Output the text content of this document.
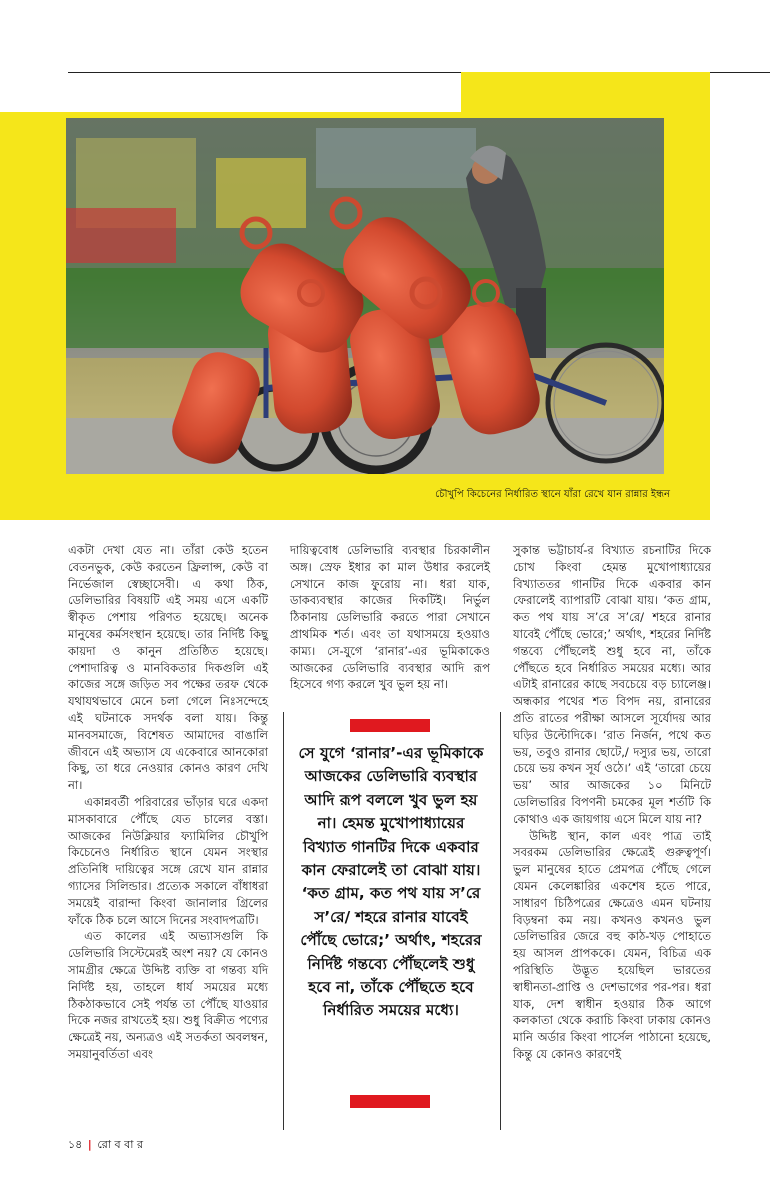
চৌখুপি কিচেনের নির্ধারিত স্থানে যাঁরা রেখে যান রান্নার ইন্ধন

একটা দেখা যেত না। তাঁরা কেউ হতেন বেতনভুক, কেউ করতেন ফ্রিলান্স, কেউ বা নির্ভেজাল স্বেচ্ছাসেবী। এ কথা ঠিক, ডেলিভারির বিষয়টি এই সময় এসে একটি স্বীকৃত পেশায় পরিণত হয়েছে। অনেক মানুষের কর্মসংস্থান হয়েছে। তার নির্দিষ্ট কিছু কায়দা ও কানুন প্রতিষ্ঠিত হয়েছে। পেশাদারিত্ব ও মানবিকতার দিকগুলি এই কাজের সঙ্গে জড়িত সব পক্ষের তরফ থেকে যথাযথভাবে মেনে চলা গেলে নিঃসন্দেহে এই ঘটনাকে সদর্থক বলা যায়। কিন্তু মানবসমাজে, বিশেষত আমাদের বাঙালি জীবনে এই অভ্যাস যে একেবারে আনকোরা কিছু, তা ধরে নেওয়ার কোনও কারণ দেখি না।

একান্নবর্তী পরিবারের ভাঁড়ার ঘরে একদা মাসকাবারে পৌঁছে যেত চালের বস্তা। আজকের নিউক্লিয়ার ফ্যামিলির চৌখুপি কিচেনেও নির্ধারিত স্থানে যেমন সংস্থার প্রতিনিধি দায়িত্বের সঙ্গে রেখে যান রান্নার গ্যাসের সিলিন্ডার। প্রত্যেক সকালে বাঁধাধরা সময়েই বারান্দা কিংবা জানালার গ্রিলের ফাঁকে ঠিক চলে আসে দিনের সংবাদপত্রটি।

এত কালের এই অভ্যাসগুলি কি ডেলিভারি সিস্টেমেরই অংশ নয়? যে কোনও সামগ্রীর ক্ষেত্রে উদ্দিষ্ট ব্যক্তি বা গন্তব্য যদি নির্দিষ্ট হয়, তাহলে ধার্য সময়ের মধ্যে ঠিকঠাকভাবে সেই পর্যন্ত তা পৌঁছে যাওয়ার দিকে নজর রাখতেই হয়। শুধু বিক্রীত পণ্যের ক্ষেত্রেই নয়, অন্যত্রও এই সতর্কতা অবলম্বন, সময়ানুবর্তিতা এবং

দায়িত্ববোধ ডেলিভারি ব্যবস্থার চিরকালীন অঙ্গ। স্রেফ ইধার কা মাল উধার করলেই সেখানে কাজ ফুরোয় না। ধরা যাক, ডাকব্যবস্থার কাজের দিকটিই। নির্ভুল ঠিকানায় ডেলিভারি করতে পারা সেখানে প্রাথমিক শর্ত। এবং তা যথাসময়ে হওয়াও কাম্য। সে-যুগে ‘রানার’-এর ভূমিকাকেও আজকের ডেলিভারি ব্যবস্থার আদি রূপ হিসেবে গণ্য করলে খুব ভুল হয় না।

সে যুগে ‘রানার’-এর ভূমিকাকে আজকের ডেলিভারি ব্যবস্থার আদি রূপ বললে খুব ভুল হয় না। হেমন্ত মুখোপাধ্যায়ের বিখ্যাত গানটির দিকে একবার কান ফেরালেই তা বোঝা যায়। ‘কত গ্রাম, কত পথ যায় স’রে স’রে/ শহরে রানার যাবেই পৌঁছে ভোরে;’ অর্থাৎ, শহরের নির্দিষ্ট গন্তব্যে পৌঁছলেই শুধু হবে না, তাঁকে পৌঁছতে হবে নির্ধারিত সময়ের মধ্যে।

সুকান্ত ভট্টাচার্য-র বিখ্যাত রচনাটির দিকে চোখ কিংবা হেমন্ত মুখোপাধ্যায়ের বিখ্যাততর গানটির দিকে একবার কান ফেরালেই ব্যাপারটি বোঝা যায়। ‘কত গ্রাম, কত পথ যায় স’রে স’রে/ শহরে রানার যাবেই পৌঁছে ভোরে;’ অর্থাৎ, শহরের নির্দিষ্ট গন্তব্যে পৌঁছলেই শুধু হবে না, তাঁকে পৌঁছতে হবে নির্ধারিত সময়ের মধ্যে। আর এটাই রানারের কাছে সবচেয়ে বড় চ্যালেঞ্জ। অন্ধকার পথের শত বিপদ নয়, রানারের প্রতি রাতের পরীক্ষা আসলে সূর্যোদয় আর ঘড়ির উল্টোদিকে। ‘রাত নির্জন, পথে কত ভয়, তবুও রানার ছোটে,/ দস্যুর ভয়, তারো চেয়ে ভয় কখন সূর্য ওঠে।’ এই ‘তারো চেয়ে ভয়’ আর আজকের ১০ মিনিটে ডেলিভারির বিপণনী চমকের মূল শর্তটি কি কোথাও এক জায়গায় এসে মিলে যায় না?

উদ্দিষ্ট স্থান, কাল এবং পাত্র তাই সবরকম ডেলিভারির ক্ষেত্রেই গুরুত্বপূর্ণ। ভুল মানুষের হাতে প্রেমপত্র পৌঁছে গেলে যেমন কেলেঙ্কারির একশেষ হতে পারে, সাধারণ চিঠিপত্রের ক্ষেত্রেও এমন ঘটনায় বিড়ম্বনা কম নয়। কখনও কখনও ভুল ডেলিভারির জেরে বহু কাঠ-খড় পোহাতে হয় আসল প্রাপককে। যেমন, বিচিত্র এক পরিস্থিতি উদ্ভূত হয়েছিল ভারতের স্বাধীনতা-প্রাপ্তি ও দেশভাগের পর-পর। ধরা যাক, দেশ স্বাধীন হওয়ার ঠিক আগে কলকাতা থেকে করাচি কিংবা ঢাকায় কোনও মানি অর্ডার কিংবা পার্সেল পাঠানো হয়েছে, কিন্তু যে কোনও কারণেই

১৪ | রো ব বা র
